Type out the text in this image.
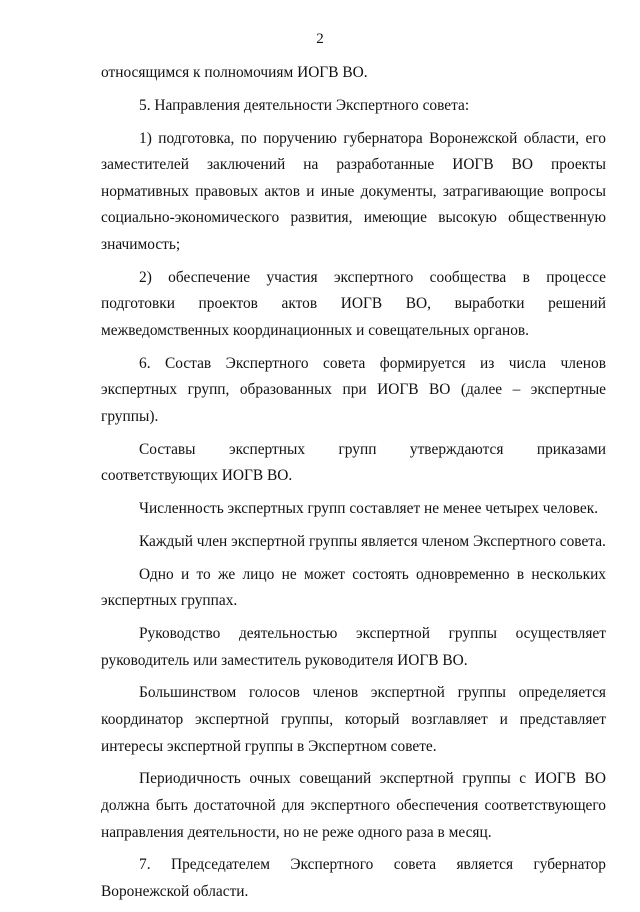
2

относящимся к полномочиям ИОГВ ВО.

5. Направления деятельности Экспертного совета:

1) подготовка, по поручению губернатора Воронежской области, его заместителей заключений на разработанные ИОГВ ВО проекты нормативных правовых актов и иные документы, затрагивающие вопросы социально-экономического развития, имеющие высокую общественную значимость;

2) обеспечение участия экспертного сообщества в процессе подготовки проектов актов ИОГВ ВО, выработки решений межведомственных координационных и совещательных органов.

6. Состав Экспертного совета формируется из числа членов экспертных групп, образованных при ИОГВ ВО (далее – экспертные группы).

Составы экспертных групп утверждаются приказами соответствующих ИОГВ ВО.

Численность экспертных групп составляет не менее четырех человек.

Каждый член экспертной группы является членом Экспертного совета.

Одно и то же лицо не может состоять одновременно в нескольких экспертных группах.

Руководство деятельностью экспертной группы осуществляет руководитель или заместитель руководителя ИОГВ ВО.

Большинством голосов членов экспертной группы определяется координатор экспертной группы, который возглавляет и представляет интересы экспертной группы в Экспертном совете.

Периодичность очных совещаний экспертной группы с ИОГВ ВО должна быть достаточной для экспертного обеспечения соответствующего направления деятельности, но не реже одного раза в месяц.

7. Председателем Экспертного совета является губернатор Воронежской области.
